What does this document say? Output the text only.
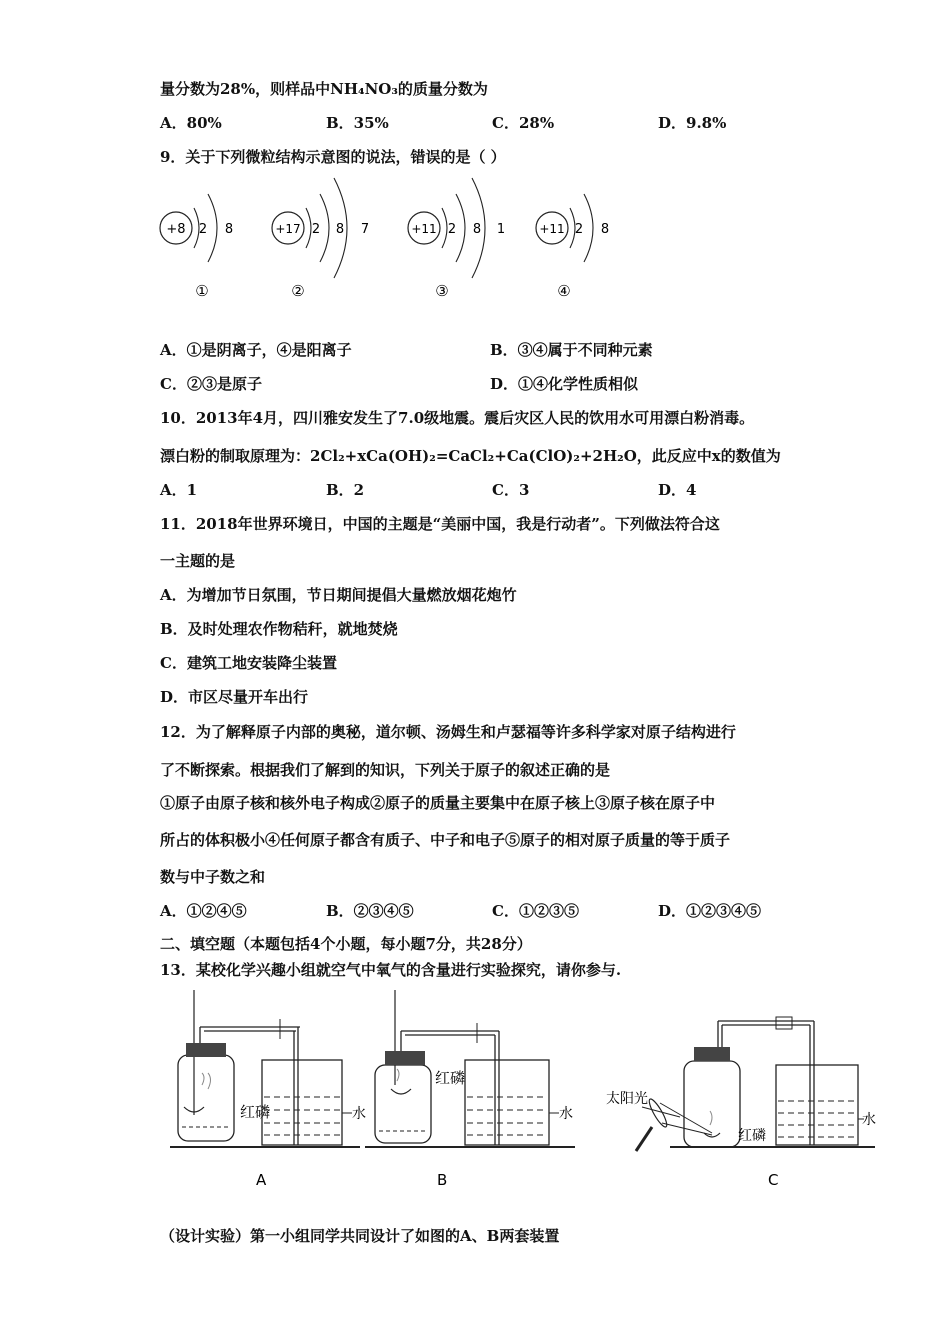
量分数为28%，则样品中NH₄NO₃的质量分数为
A．80%	B．35%	C．28%	D．9.8%
9．关于下列微粒结构示意图的说法，错误的是（ ）
+8 2 8
①
+17 2 8 7
②
+11 2 8 1
③
+11 2 8
④
A．①是阴离子，④是阳离子	B．③④属于不同种元素
C．②③是原子	D．①④化学性质相似
10．2013年4月，四川雅安发生了7.0级地震。震后灾区人民的饮用水可用漂白粉消毒。
漂白粉的制取原理为：2Cl₂+xCa(OH)₂=CaCl₂+Ca(ClO)₂+2H₂O，此反应中x的数值为
A．1	B．2	C．3	D．4
11．2018年世界环境日，中国的主题是“美丽中国，我是行动者”。下列做法符合这
一主题的是
A．为增加节日氛围，节日期间提倡大量燃放烟花炮竹
B．及时处理农作物秸秆，就地焚烧
C．建筑工地安装降尘装置
D．市区尽量开车出行
12．为了解释原子内部的奥秘，道尔顿、汤姆生和卢瑟福等许多科学家对原子结构进行
了不断探索。根据我们了解到的知识，下列关于原子的叙述正确的是
①原子由原子核和核外电子构成②原子的质量主要集中在原子核上③原子核在原子中
所占的体积极小④任何原子都含有质子、中子和电子⑤原子的相对原子质量的等于质子
数与中子数之和
A．①②④⑤	B．②③④⑤	C．①②③⑤	D．①②③④⑤
二、填空题（本题包括4个小题，每小题7分，共28分）
13．某校化学兴趣小组就空气中氧气的含量进行实验探究，请你参与.
红磷	水
A
红磷
水
B
太阳光
红磷
水
C
（设计实验）第一小组同学共同设计了如图的A、B两套装置
